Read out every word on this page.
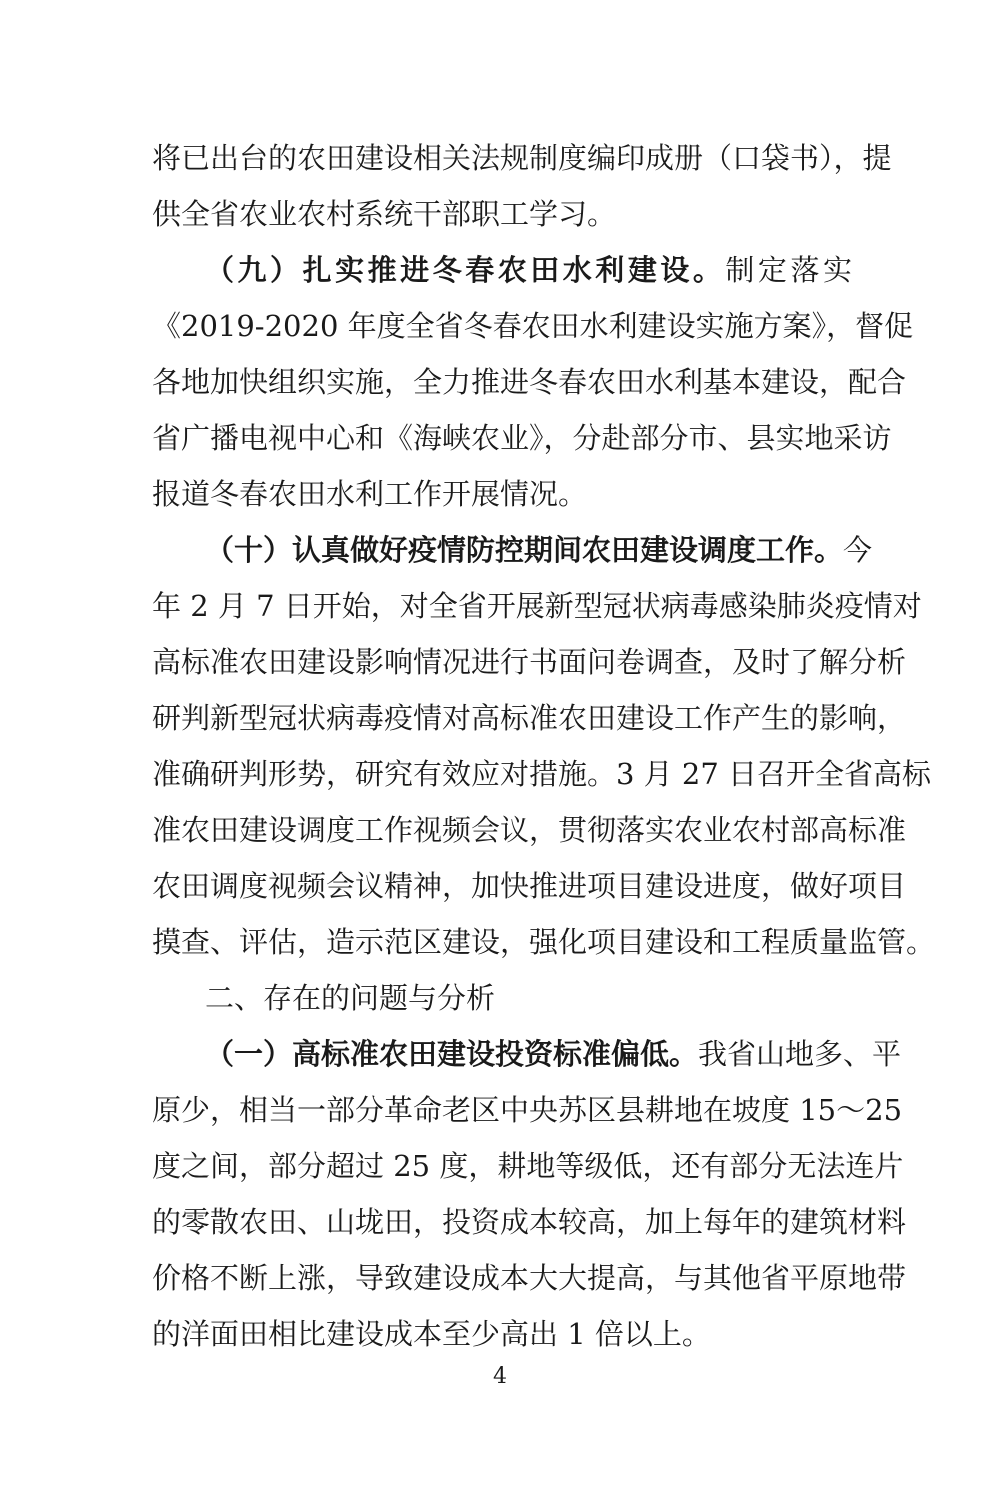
将已出台的农田建设相关法规制度编印成册（口袋书），提
供全省农业农村系统干部职工学习。
（九）扎实推进冬春农田水利建设。制定落实
《2019-2020 年度全省冬春农田水利建设实施方案》，督促
各地加快组织实施，全力推进冬春农田水利基本建设，配合
省广播电视中心和《海峡农业》，分赴部分市、县实地采访
报道冬春农田水利工作开展情况。
（十）认真做好疫情防控期间农田建设调度工作。今
年 2 月 7 日开始，对全省开展新型冠状病毒感染肺炎疫情对
高标准农田建设影响情况进行书面问卷调查，及时了解分析
研判新型冠状病毒疫情对高标准农田建设工作产生的影响，
准确研判形势，研究有效应对措施。3 月 27 日召开全省高标
准农田建设调度工作视频会议，贯彻落实农业农村部高标准
农田调度视频会议精神，加快推进项目建设进度，做好项目
摸查、评估，造示范区建设，强化项目建设和工程质量监管。
二、存在的问题与分析
（一）高标准农田建设投资标准偏低。我省山地多、平
原少，相当一部分革命老区中央苏区县耕地在坡度 15～25
度之间，部分超过 25 度，耕地等级低，还有部分无法连片
的零散农田、山垅田，投资成本较高，加上每年的建筑材料
价格不断上涨，导致建设成本大大提高，与其他省平原地带
的洋面田相比建设成本至少高出 1 倍以上。
4
